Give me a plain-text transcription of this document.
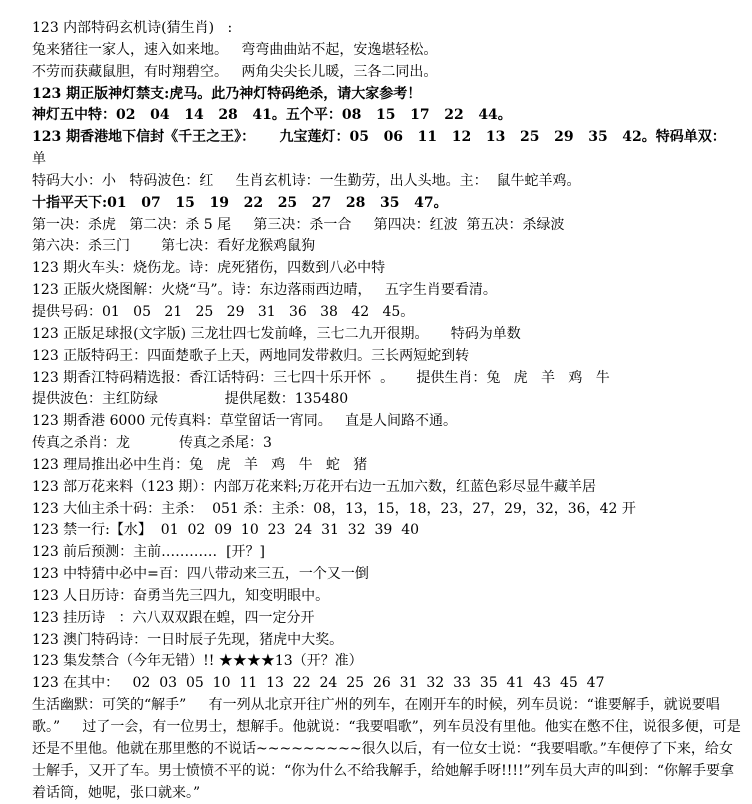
123 内部特码玄机诗(猜生肖)   :
兔来猪往一家人，速入如来地。   弯弯曲曲站不起，安逸堪轻松。
不劳而获藏鼠胆，有时翔碧空。   两角尖尖长儿暖，三各二同出。
123 期正版神灯禁支:虎马。此乃神灯特码绝杀，请大家参考！
神灯五中特：02   04   14   28   41。五个平：08   15   17   22   44。
123 期香港地下信封《千王之王》：     九宝莲灯：05   06   11   12   13   25   29   35   42。特码单双：
单
特码大小：小   特码波色：红     生肖玄机诗：一生勤劳，出人头地。主：  鼠牛蛇羊鸡。
十指平天下:01   07   15   19   22   25   27   28   35   47。
第一决：杀虎   第二决：杀 5 尾     第三决：杀一合     第四决：红波  第五决：杀绿波
第六决：杀三门       第七决：看好龙猴鸡鼠狗
123 期火车头：烧伤龙。诗：虎死猪伤，四数到八必中特
123 正版火烧图解：火烧“马”。诗：东边落雨西边晴，   五字生肖要看清。
提供号码：01   05   21   25   29   31   36   38   42   45。
123 正版足球报(文字版) 三龙壮四七发前峰，三七二九开很期。     特码为单数
123 正版特码王：四面楚歌子上天，两地同发带救归。三长两短蛇到转
123 期香江特码精选报：香江话特码：三七四十乐开怀  。     提供生肖：兔   虎   羊   鸡   牛
提供波色：主红防绿               提供尾数：135480
123 期香港 6000 元传真料：草堂留话一宵同。   直是人间路不通。
传真之杀肖：龙           传真之杀尾：3
123 理局推出必中生肖：兔   虎   羊   鸡   牛   蛇   猪
123 部万花来料（123 期）：内部万花来料;万花开右边一五加六数，红蓝色彩尽显牛藏羊居
123 大仙主杀十码：主杀：  051 杀：主杀：08，13，15，18，23，27，29，32，36，42 开
123 禁一行:【水】  01  02  09  10  23  24  31  32  39  40
123 前后预测：主前…………  [开？]
123 中特猜中必中=百：四八带动来三五，一个又一倒
123 人日历诗：奋勇当先三四九，知变明眼中。
123 挂历诗   ：六八双双跟在蝗，四一定分开
123 澳门特码诗：一日时辰子先现，猪虎中大奖。
123 集发禁合（今年无错）!! ★★★★13（开？准）
123 在其中：   02  03  05  10  11  13  22  24  25  26  31  32  33  35  41  43  45  47
生活幽默：可笑的“解手”     有一列从北京开往广州的列车，在刚开车的时候，列车员说：“谁要解手，就说要唱歌。”     过了一会，有一位男士，想解手。他就说：“我要唱歌”，列车员没有里他。他实在憋不住，说很多便，可是还是不里他。他就在那里憋的不说话~~~~~~~~~很久以后，有一位女士说：“我要唱歌。”车便停了下来，给女士解手，又开了车。男士愤愤不平的说：“你为什么不给我解手，给她解手呀!!!!”列车员大声的叫到：“你解手要拿着话筒，她呢，张口就来。”
